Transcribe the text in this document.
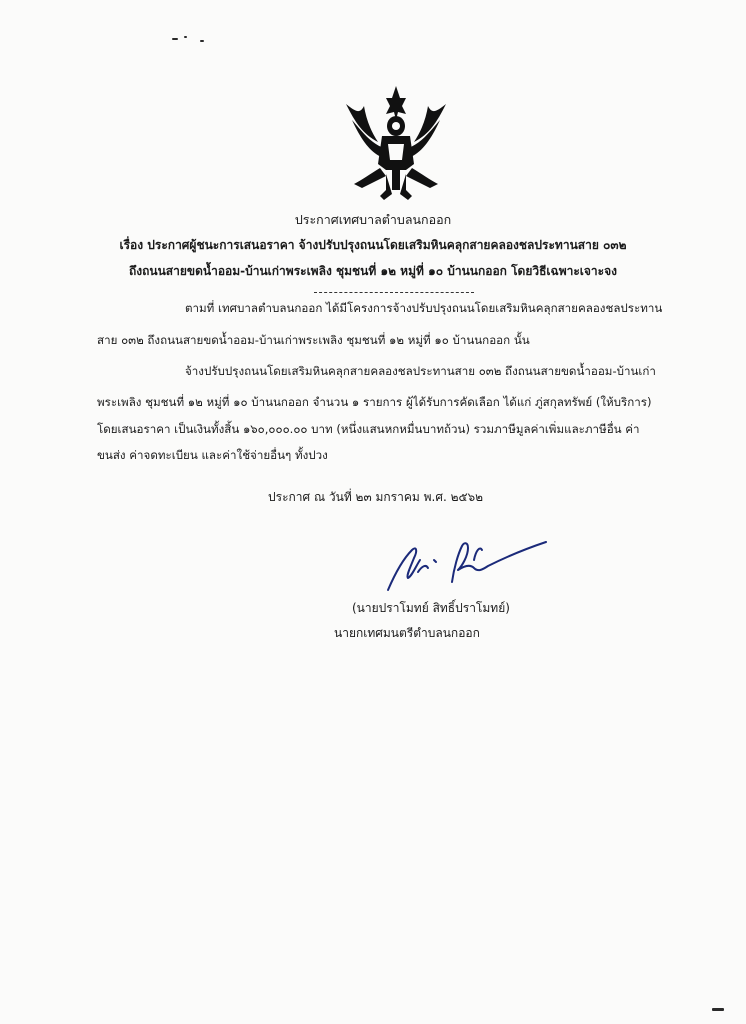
ประกาศเทศบาลตำบลนกออก
เรื่อง ประกาศผู้ชนะการเสนอราคา จ้างปรับปรุงถนนโดยเสริมหินคลุกสายคลองชลประทานสาย ๐๓๒
ถึงถนนสายขดน้ำออม-บ้านเก่าพระเพลิง ชุมชนที่ ๑๒ หมู่ที่ ๑๐ บ้านนกออก โดยวิธีเฉพาะเจาะจง
ตามที่ เทศบาลตำบลนกออก ได้มีโครงการจ้างปรับปรุงถนนโดยเสริมหินคลุกสายคลองชลประทาน
สาย ๐๓๒ ถึงถนนสายขดน้ำออม-บ้านเก่าพระเพลิง ชุมชนที่ ๑๒ หมู่ที่ ๑๐ บ้านนกออก นั้น
จ้างปรับปรุงถนนโดยเสริมหินคลุกสายคลองชลประทานสาย ๐๓๒ ถึงถนนสายขดน้ำออม-บ้านเก่า
พระเพลิง ชุมชนที่ ๑๒ หมู่ที่ ๑๐ บ้านนกออก จำนวน ๑ รายการ ผู้ได้รับการคัดเลือก ได้แก่ ภู่สกุลทรัพย์ (ให้บริการ)
โดยเสนอราคา เป็นเงินทั้งสิ้น ๑๖๐,๐๐๐.๐๐ บาท (หนึ่งแสนหกหมื่นบาทถ้วน) รวมภาษีมูลค่าเพิ่มและภาษีอื่น ค่า
ขนส่ง ค่าจดทะเบียน และค่าใช้จ่ายอื่นๆ ทั้งปวง
ประกาศ ณ วันที่ ๒๓ มกราคม พ.ศ. ๒๕๖๒
(นายปราโมทย์ สิทธิ์ปราโมทย์)
นายกเทศมนตรีตำบลนกออก
